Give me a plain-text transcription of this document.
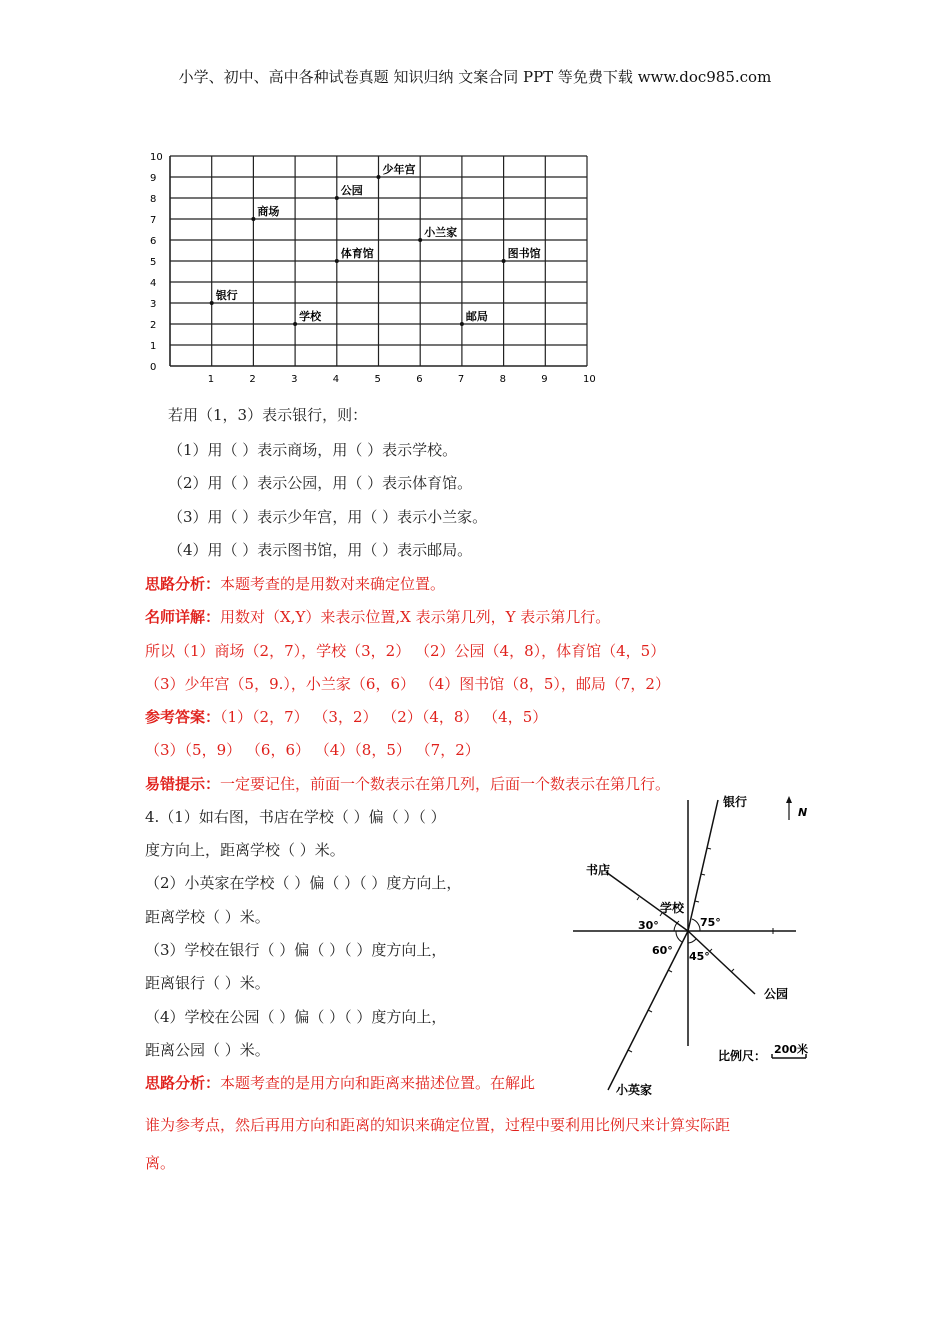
小学、初中、高中各种试卷真题 知识归纳 文案合同 PPT 等免费下载 www.doc985.com
0
1
2
3
4
5
6
7
8
9
10
1	2	3	4	5	6	7	8	9	10
银行
商场
学校
公园
体育馆
少年宫
小兰家
图书馆
邮局
若用（1，3）表示银行，则：
（1）用（ ）表示商场，用（ ）表示学校。
（2）用（ ）表示公园，用（ ）表示体育馆。
（3）用（ ）表示少年宫，用（ ）表示小兰家。
（4）用（ ）表示图书馆，用（ ）表示邮局。
思路分析：本题考查的是用数对来确定位置。
名师详解：用数对（X,Y）来表示位置,X 表示第几列，Y 表示第几行。
所以（1）商场（2，7），学校（3，2） （2）公园（4，8），体育馆（4，5）
（3）少年宫（5，9.），小兰家（6，6） （4）图书馆（8，5），邮局（7，2）
参考答案：（1）（2，7） （3，2） （2）（4，8） （4，5）
（3）（5，9） （6，6） （4）（8，5） （7，2）
易错提示：一定要记住，前面一个数表示在第几列，后面一个数表示在第几行。
4.（1）如右图，书店在学校（ ）偏（ ）（ ）
度方向上，距离学校（ ）米。
（2）小英家在学校（ ）偏（ ）（ ）度方向上，
距离学校（ ）米。
（3）学校在银行（ ）偏（ ）（ ）度方向上，
距离银行（ ）米。
（4）学校在公园（ ）偏（ ）（ ）度方向上，
距离公园（ ）米。
思路分析：本题考查的是用方向和距离来描述位置。在解此
谁为参考点，然后再用方向和距离的知识来确定位置，过程中要利用比例尺来计算实际距
离。
N
银行
书店
学校
30°	75°
60° 45°
公园
小英家
比例尺： 200米
